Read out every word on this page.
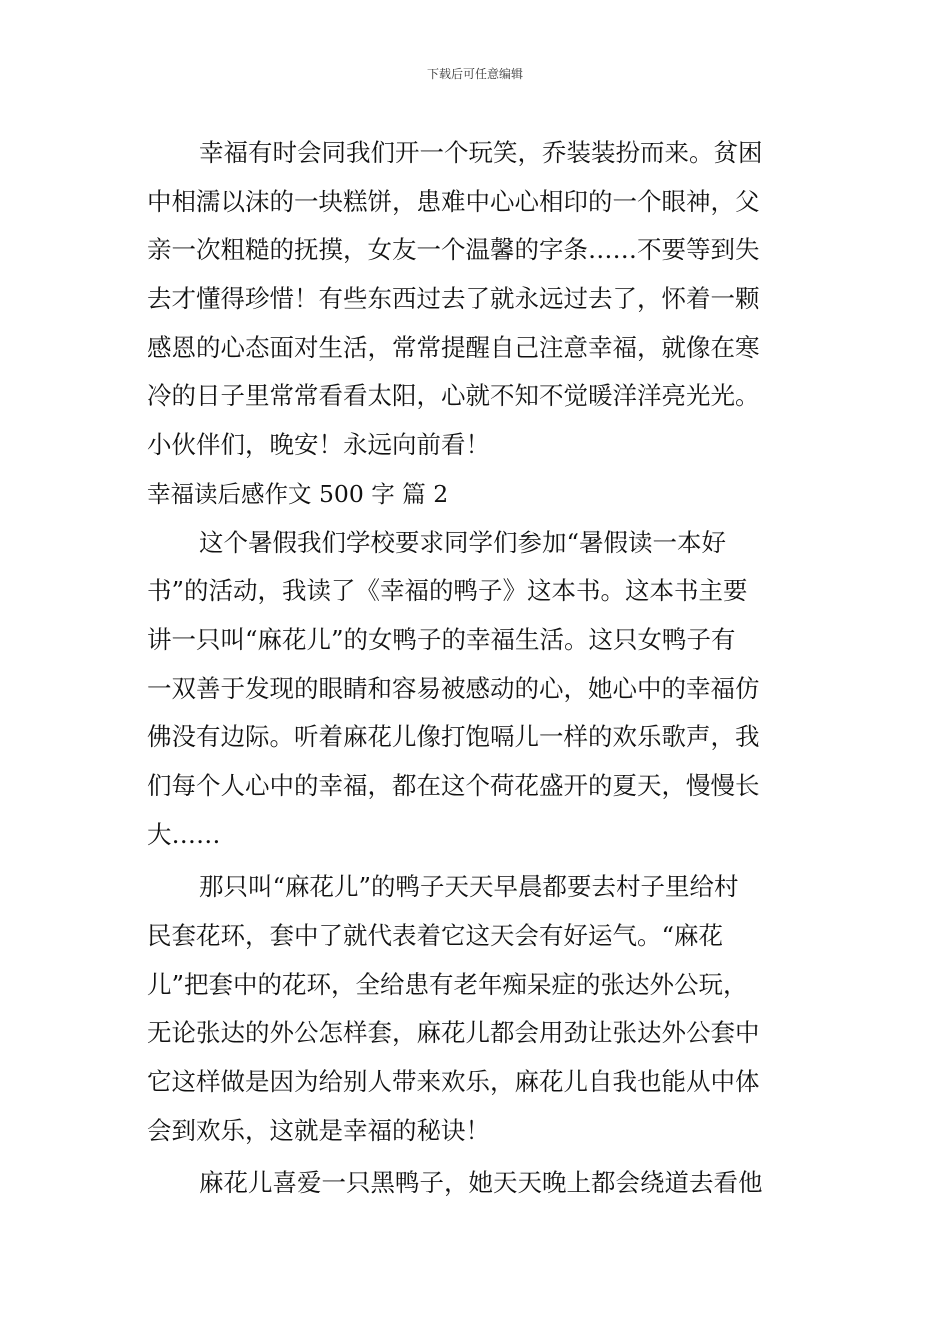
下载后可任意编辑
幸福有时会同我们开一个玩笑，乔装装扮而来。贫困
中相濡以沫的一块糕饼，患难中心心相印的一个眼神，父
亲一次粗糙的抚摸，女友一个温馨的字条……不要等到失
去才懂得珍惜！有些东西过去了就永远过去了，怀着一颗
感恩的心态面对生活，常常提醒自己注意幸福，就像在寒
冷的日子里常常看看太阳，心就不知不觉暖洋洋亮光光。
小伙伴们，晚安！永远向前看！
幸福读后感作文 500 字 篇 2
这个暑假我们学校要求同学们参加“暑假读一本好
书”的活动，我读了《幸福的鸭子》这本书。这本书主要
讲一只叫“麻花儿”的女鸭子的幸福生活。这只女鸭子有
一双善于发现的眼睛和容易被感动的心，她心中的幸福仿
佛没有边际。听着麻花儿像打饱嗝儿一样的欢乐歌声，我
们每个人心中的幸福，都在这个荷花盛开的夏天，慢慢长
大……
那只叫“麻花儿”的鸭子天天早晨都要去村子里给村
民套花环，套中了就代表着它这天会有好运气。“麻花
儿”把套中的花环，全给患有老年痴呆症的张达外公玩，
无论张达的外公怎样套，麻花儿都会用劲让张达外公套中
它这样做是因为给别人带来欢乐，麻花儿自我也能从中体
会到欢乐，这就是幸福的秘诀！
麻花儿喜爱一只黑鸭子，她天天晚上都会绕道去看他
